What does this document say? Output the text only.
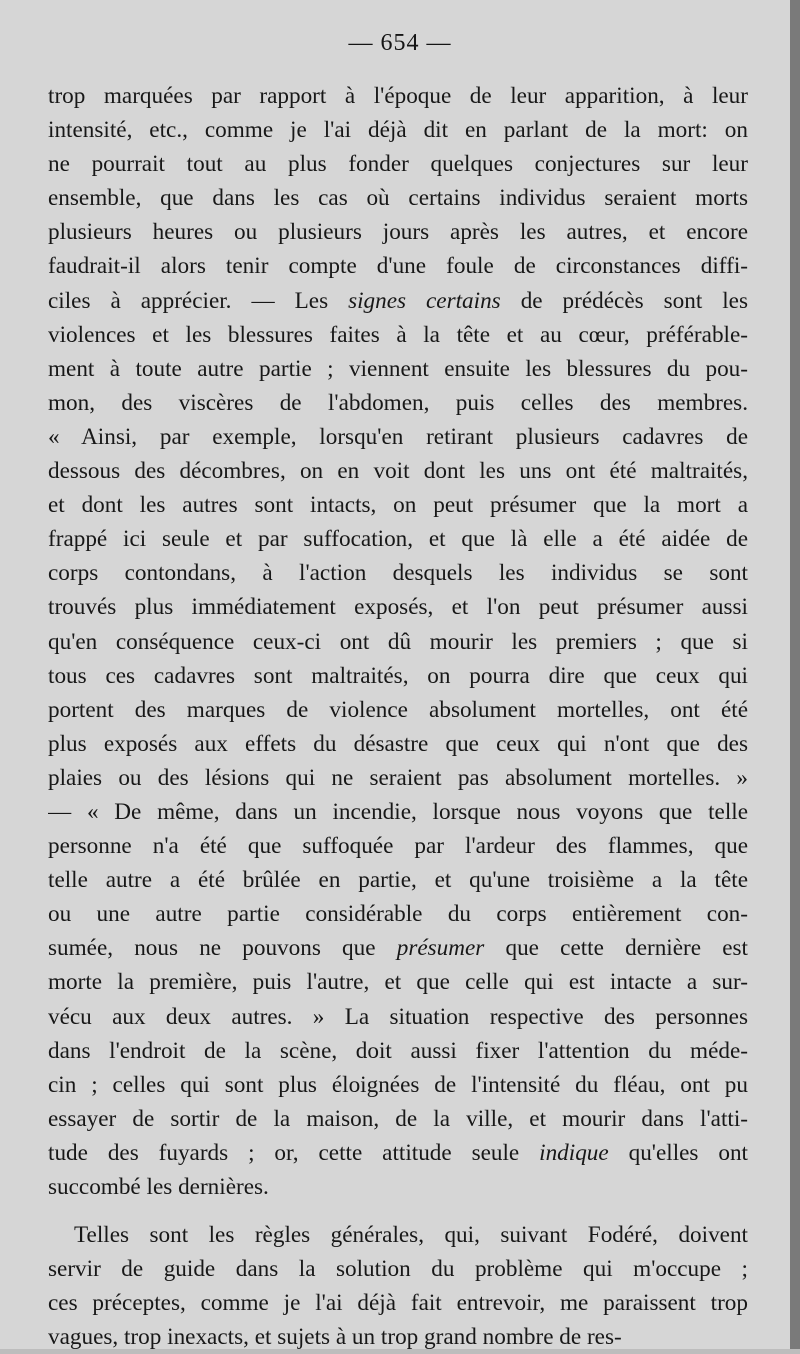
— 654 —
trop marquées par rapport à l'époque de leur apparition, à leur
intensité, etc., comme je l'ai déjà dit en parlant de la mort: on
ne pourrait tout au plus fonder quelques conjectures sur leur
ensemble, que dans les cas où certains individus seraient morts
plusieurs heures ou plusieurs jours après les autres, et encore
faudrait-il alors tenir compte d'une foule de circonstances diffi-
ciles à apprécier. — Les signes certains de prédécès sont les
violences et les blessures faites à la tête et au cœur, préférable-
ment à toute autre partie ; viennent ensuite les blessures du pou-
mon, des viscères de l'abdomen, puis celles des membres.
« Ainsi, par exemple, lorsqu'en retirant plusieurs cadavres de
dessous des décombres, on en voit dont les uns ont été maltraités,
et dont les autres sont intacts, on peut présumer que la mort a
frappé ici seule et par suffocation, et que là elle a été aidée de
corps contondans, à l'action desquels les individus se sont
trouvés plus immédiatement exposés, et l'on peut présumer aussi
qu'en conséquence ceux-ci ont dû mourir les premiers ; que si
tous ces cadavres sont maltraités, on pourra dire que ceux qui
portent des marques de violence absolument mortelles, ont été
plus exposés aux effets du désastre que ceux qui n'ont que des
plaies ou des lésions qui ne seraient pas absolument mortelles. »
— « De même, dans un incendie, lorsque nous voyons que telle
personne n'a été que suffoquée par l'ardeur des flammes, que
telle autre a été brûlée en partie, et qu'une troisième a la tête
ou une autre partie considérable du corps entièrement con-
sumée, nous ne pouvons que présumer que cette dernière est
morte la première, puis l'autre, et que celle qui est intacte a sur-
vécu aux deux autres. » La situation respective des personnes
dans l'endroit de la scène, doit aussi fixer l'attention du méde-
cin ; celles qui sont plus éloignées de l'intensité du fléau, ont pu
essayer de sortir de la maison, de la ville, et mourir dans l'atti-
tude des fuyards ; or, cette attitude seule indique qu'elles ont
succombé les dernières.
Telles sont les règles générales, qui, suivant Fodéré, doivent
servir de guide dans la solution du problème qui m'occupe ;
ces préceptes, comme je l'ai déjà fait entrevoir, me paraissent trop
vagues, trop inexacts, et sujets à un trop grand nombre de res-
